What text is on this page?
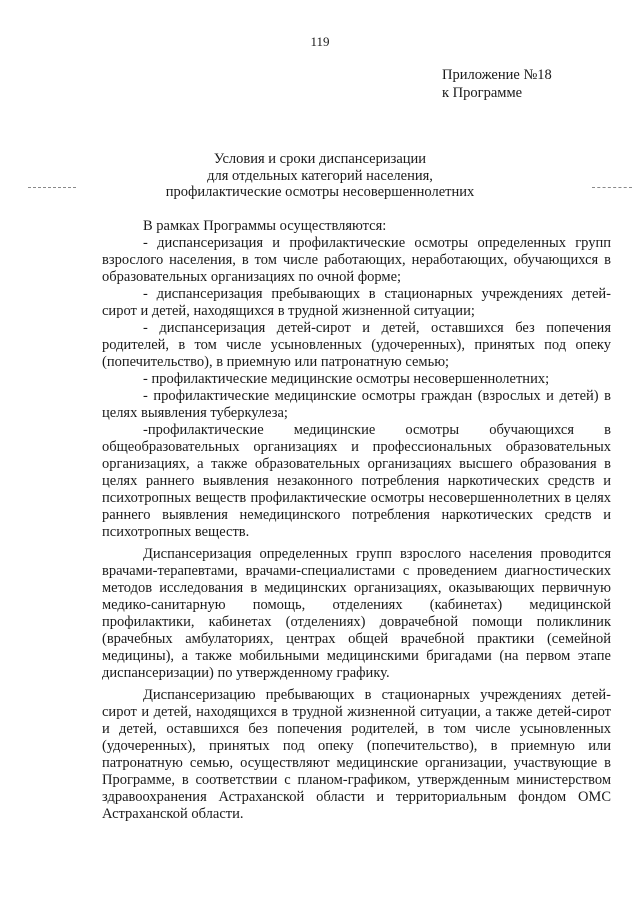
119
Приложение №18
к Программе
Условия и сроки диспансеризации
для отдельных категорий населения,
профилактические осмотры несовершеннолетних

В рамках Программы осуществляются:

- диспансеризация и профилактические осмотры определенных групп взрослого населения, в том числе работающих, неработающих, обучающихся в образовательных организациях по очной форме;

- диспансеризация пребывающих в стационарных учреждениях детей-сирот и детей, находящихся в трудной жизненной ситуации;

- диспансеризация детей-сирот и детей, оставшихся без попечения родителей, в том числе усыновленных (удочеренных), принятых под опеку (попечительство), в приемную или патронатную семью;

- профилактические медицинские осмотры несовершеннолетних;

- профилактические медицинские осмотры граждан (взрослых и детей) в целях выявления туберкулеза;

-профилактические медицинские осмотры обучающихся в общеобразовательных организациях и профессиональных образовательных организациях, а также образовательных организациях высшего образования в целях раннего выявления незаконного потребления наркотических средств и психотропных веществ профилактические осмотры несовершеннолетних в целях раннего выявления немедицинского потребления наркотических средств и психотропных веществ.

Диспансеризация определенных групп взрослого населения проводится врачами-терапевтами, врачами-специалистами с проведением диагностических методов исследования в медицинских организациях, оказывающих первичную медико-санитарную помощь, отделениях (кабинетах) медицинской профилактики, кабинетах (отделениях) доврачебной помощи поликлиник (врачебных амбулаториях, центрах общей врачебной практики (семейной медицины), а также мобильными медицинскими бригадами (на первом этапе диспансеризации) по утвержденному графику.

Диспансеризацию пребывающих в стационарных учреждениях детей-сирот и детей, находящихся в трудной жизненной ситуации, а также детей-сирот и детей, оставшихся без попечения родителей, в том числе усыновленных (удочеренных), принятых под опеку (попечительство), в приемную или патронатную семью, осуществляют медицинские организации, участвующие в Программе, в соответствии с планом-графиком, утвержденным министерством здравоохранения Астраханской области и территориальным фондом ОМС Астраханской области.
